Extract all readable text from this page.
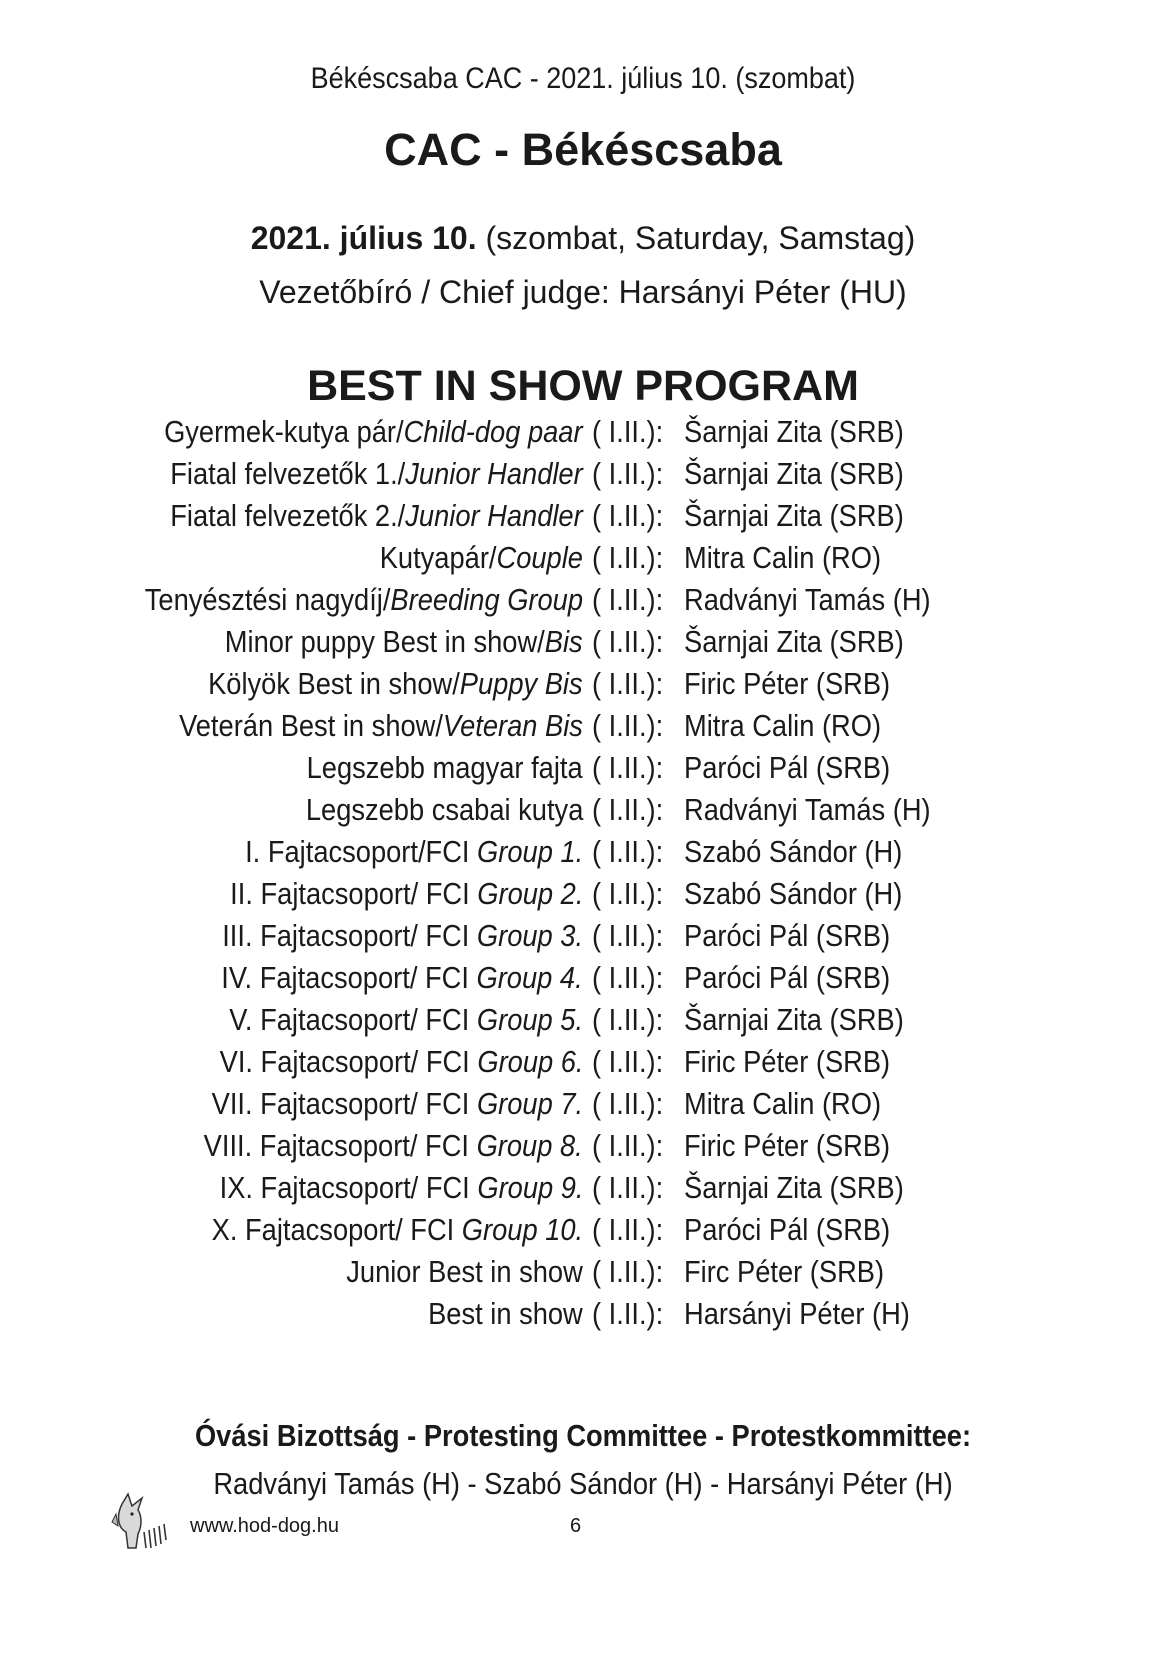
Békéscsaba CAC - 2021. július 10. (szombat)
CAC - Békéscsaba
2021. július 10. (szombat, Saturday, Samstag)
Vezetőbíró / Chief judge: Harsányi Péter (HU)
BEST IN SHOW PROGRAM
Gyermek-kutya pár/Child-dog paar ( I.II.): Šarnjai Zita (SRB)
Fiatal felvezetők 1./Junior Handler ( I.II.): Šarnjai Zita (SRB)
Fiatal felvezetők 2./Junior Handler ( I.II.): Šarnjai Zita (SRB)
Kutyapár/Couple ( I.II.): Mitra Calin (RO)
Tenyésztési nagydíj/Breeding Group ( I.II.): Radványi Tamás (H)
Minor puppy Best in show/Bis ( I.II.): Šarnjai Zita (SRB)
Kölyök Best in show/Puppy Bis ( I.II.): Firic Péter (SRB)
Veterán Best in show/Veteran Bis ( I.II.): Mitra Calin (RO)
Legszebb magyar fajta ( I.II.): Paróci Pál (SRB)
Legszebb csabai kutya ( I.II.): Radványi Tamás (H)
I. Fajtacsoport/FCI Group 1. ( I.II.): Szabó Sándor (H)
II. Fajtacsoport/ FCI Group 2. ( I.II.): Szabó Sándor (H)
III. Fajtacsoport/ FCI Group 3. ( I.II.): Paróci Pál (SRB)
IV. Fajtacsoport/ FCI Group 4. ( I.II.): Paróci Pál (SRB)
V. Fajtacsoport/ FCI Group 5. ( I.II.): Šarnjai Zita (SRB)
VI. Fajtacsoport/ FCI Group 6. ( I.II.): Firic Péter (SRB)
VII. Fajtacsoport/ FCI Group 7. ( I.II.): Mitra Calin (RO)
VIII. Fajtacsoport/ FCI Group 8. ( I.II.): Firic Péter (SRB)
IX. Fajtacsoport/ FCI Group 9. ( I.II.): Šarnjai Zita (SRB)
X. Fajtacsoport/ FCI Group 10. ( I.II.): Paróci Pál (SRB)
Junior Best in show ( I.II.): Firc Péter (SRB)
Best in show ( I.II.): Harsányi Péter (H)
Óvási Bizottság - Protesting Committee - Protestkommittee:
Radványi Tamás (H) - Szabó Sándor (H) - Harsányi Péter (H)
www.hod-dog.hu	6
